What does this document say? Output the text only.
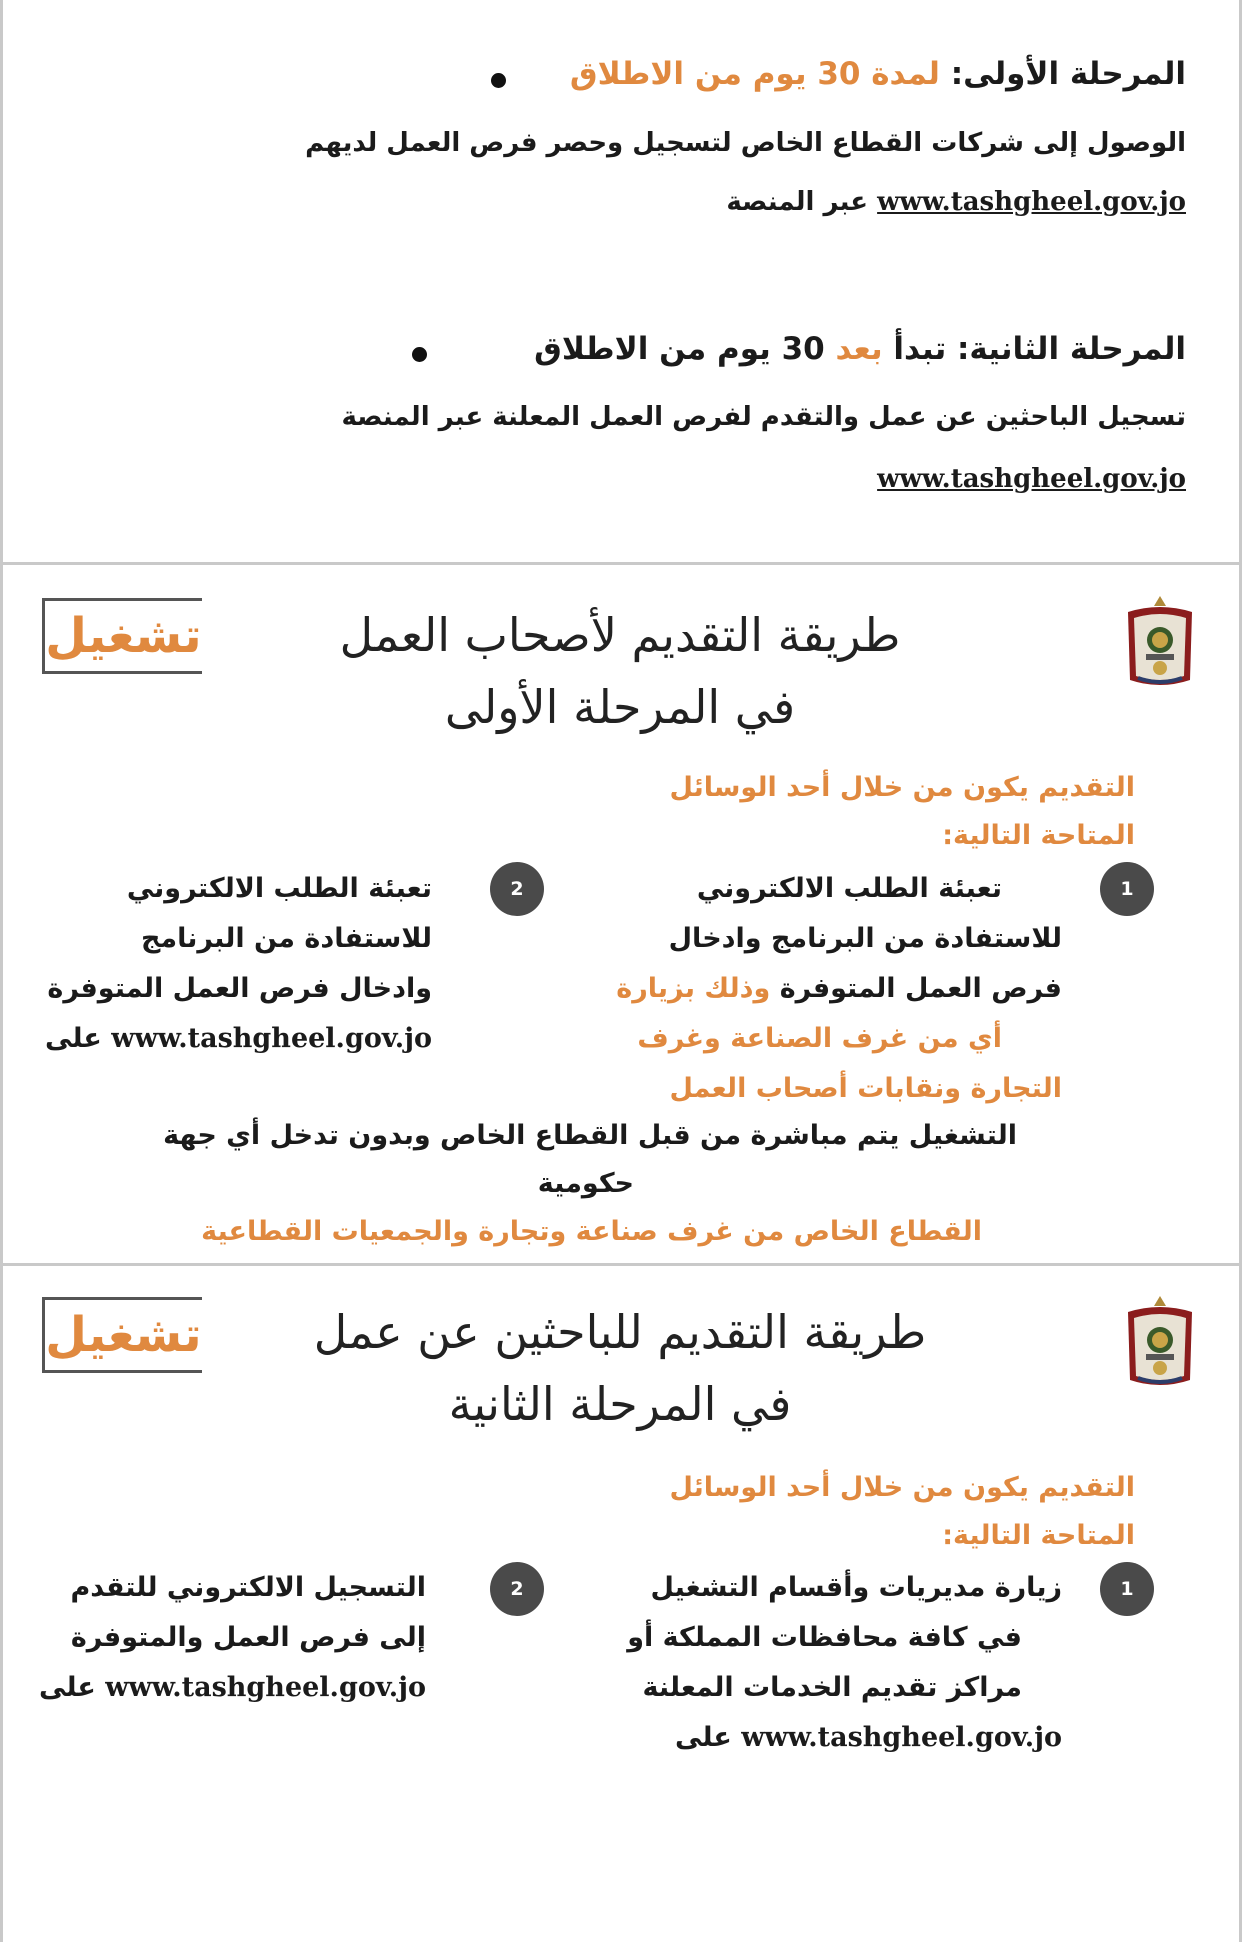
المرحلة الأولى: لمدة 30 يوم من الاطلاق
الوصول إلى شركات القطاع الخاص لتسجيل وحصر فرص العمل لديهم
www.tashgheel.gov.jo عبر المنصة
المرحلة الثانية: تبدأ بعد 30 يوم من الاطلاق
تسجيل الباحثين عن عمل والتقدم لفرص العمل المعلنة عبر المنصة
www.tashgheel.gov.jo
تشغيل	طريقة التقديم لأصحاب العمل
في المرحلة الأولى
التقديم يكون من خلال أحد الوسائل
المتاحة التالية:
1
تعبئة الطلب الالكتروني
للاستفادة من البرنامج وادخال
فرص العمل المتوفرة وذلك بزيارة
أي من غرف الصناعة وغرف
التجارة ونقابات أصحاب العمل
2
تعبئة الطلب الالكتروني
للاستفادة من البرنامج
وادخال فرص العمل المتوفرة
www.tashgheel.gov.jo على
التشغيل يتم مباشرة من قبل القطاع الخاص وبدون تدخل أي جهة
حكومية
القطاع الخاص من غرف صناعة وتجارة والجمعيات القطاعية
تشغيل	طريقة التقديم للباحثين عن عمل
في المرحلة الثانية
التقديم يكون من خلال أحد الوسائل
المتاحة التالية:
1
زيارة مديريات وأقسام التشغيل
في كافة محافظات المملكة أو
مراكز تقديم الخدمات المعلنة
www.tashgheel.gov.jo على
2
التسجيل الالكتروني للتقدم
إلى فرص العمل والمتوفرة
www.tashgheel.gov.jo على
